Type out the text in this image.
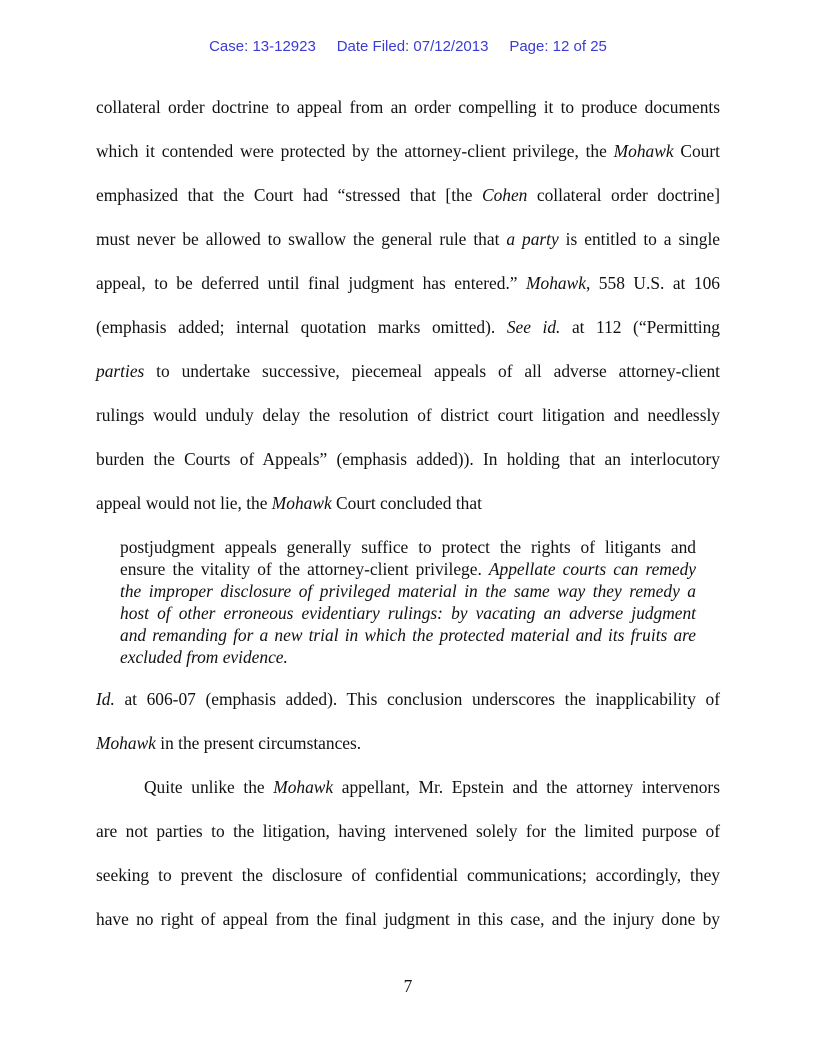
Case: 13-12923 Date Filed: 07/12/2013 Page: 12 of 25
collateral order doctrine to appeal from an order compelling it to produce documents
which it contended were protected by the attorney-client privilege, the Mohawk Court
emphasized that the Court had “stressed that [the Cohen collateral order doctrine]
must never be allowed to swallow the general rule that a party is entitled to a single
appeal, to be deferred until final judgment has entered.” Mohawk, 558 U.S. at 106
(emphasis added; internal quotation marks omitted). See id. at 112 (“Permitting
parties to undertake successive, piecemeal appeals of all adverse attorney-client
rulings would unduly delay the resolution of district court litigation and needlessly
burden the Courts of Appeals” (emphasis added)). In holding that an interlocutory
appeal would not lie, the Mohawk Court concluded that
postjudgment appeals generally suffice to protect the rights of litigants and
ensure the vitality of the attorney-client privilege. Appellate courts can remedy
the improper disclosure of privileged material in the same way they remedy a
host of other erroneous evidentiary rulings: by vacating an adverse judgment
and remanding for a new trial in which the protected material and its fruits are
excluded from evidence.
Id. at 606-07 (emphasis added). This conclusion underscores the inapplicability of
Mohawk in the present circumstances.
Quite unlike the Mohawk appellant, Mr. Epstein and the attorney intervenors
are not parties to the litigation, having intervened solely for the limited purpose of
seeking to prevent the disclosure of confidential communications; accordingly, they
have no right of appeal from the final judgment in this case, and the injury done by
7
